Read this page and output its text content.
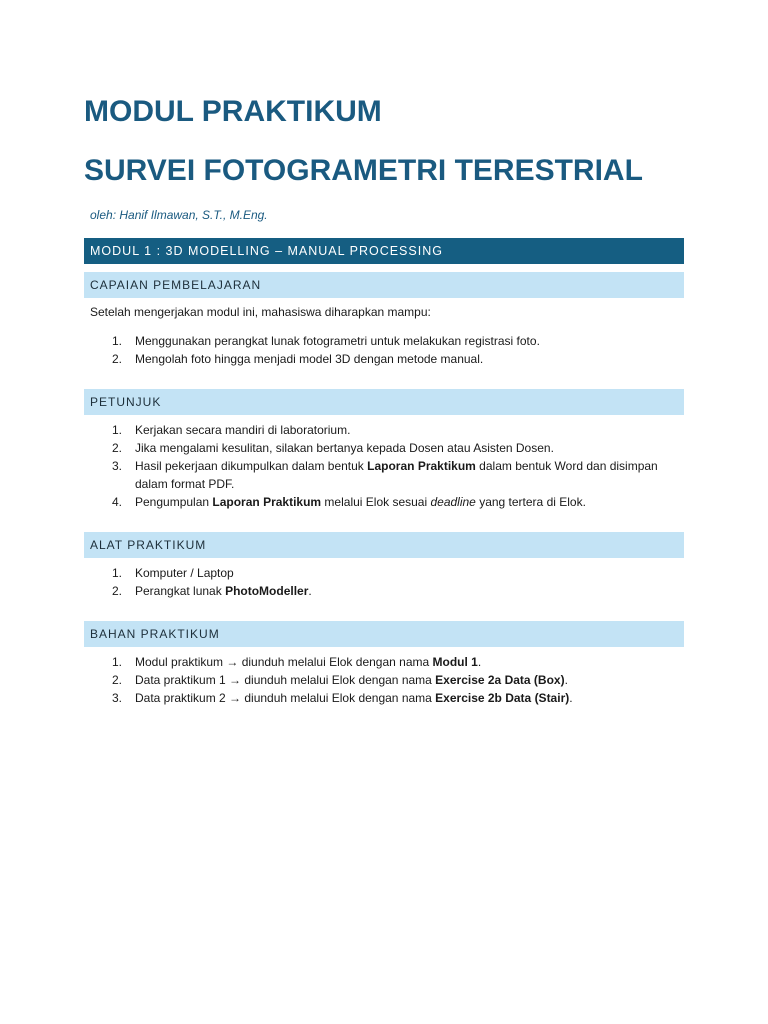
MODUL PRAKTIKUM
SURVEI FOTOGRAMETRI TERESTRIAL
oleh: Hanif Ilmawan, S.T., M.Eng.
MODUL 1 : 3D MODELLING – MANUAL PROCESSING
CAPAIAN PEMBELAJARAN
Setelah mengerjakan modul ini, mahasiswa diharapkan mampu:
1. Menggunakan perangkat lunak fotogrametri untuk melakukan registrasi foto.
2. Mengolah foto hingga menjadi model 3D dengan metode manual.
PETUNJUK
1. Kerjakan secara mandiri di laboratorium.
2. Jika mengalami kesulitan, silakan bertanya kepada Dosen atau Asisten Dosen.
3. Hasil pekerjaan dikumpulkan dalam bentuk Laporan Praktikum dalam bentuk Word dan disimpan dalam format PDF.
4. Pengumpulan Laporan Praktikum melalui Elok sesuai deadline yang tertera di Elok.
ALAT PRAKTIKUM
1. Komputer / Laptop
2. Perangkat lunak PhotoModeller.
BAHAN PRAKTIKUM
1. Modul praktikum → diunduh melalui Elok dengan nama Modul 1.
2. Data praktikum 1 → diunduh melalui Elok dengan nama Exercise 2a Data (Box).
3. Data praktikum 2 → diunduh melalui Elok dengan nama Exercise 2b Data (Stair).
